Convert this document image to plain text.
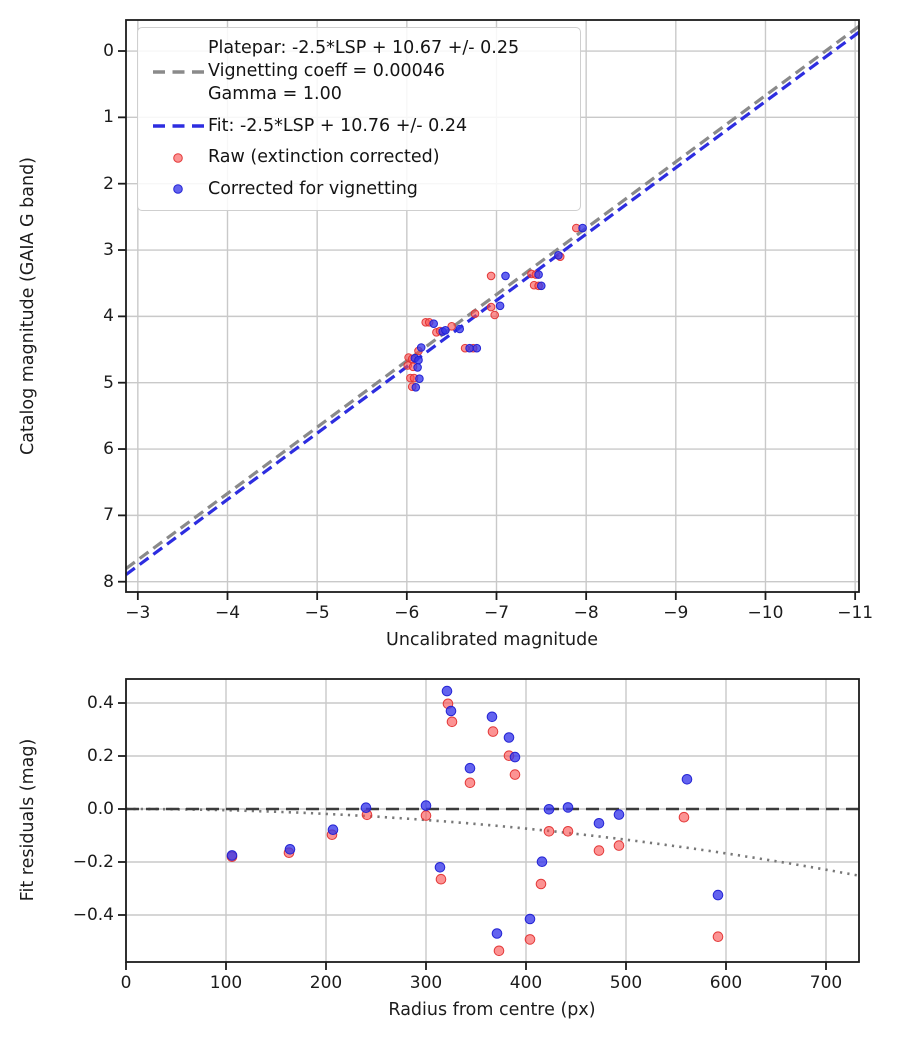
−3	−4	−5	−6	−7	−8	−9	−10	−11
0
1
2
3
4
5
6
7
8
0	100	200	300	400	500	600	700
0.4
0.2
0.0
−0.2
−0.4
Catalog magnitude (GAIA G band)
Uncalibrated magnitude
Fit residuals (mag)
Radius from centre (px)
Platepar: -2.5*LSP + 10.67 +/- 0.25
Vignetting coeff = 0.00046
Gamma = 1.00
Fit: -2.5*LSP + 10.76 +/- 0.24
Raw (extinction corrected)
Corrected for vignetting
